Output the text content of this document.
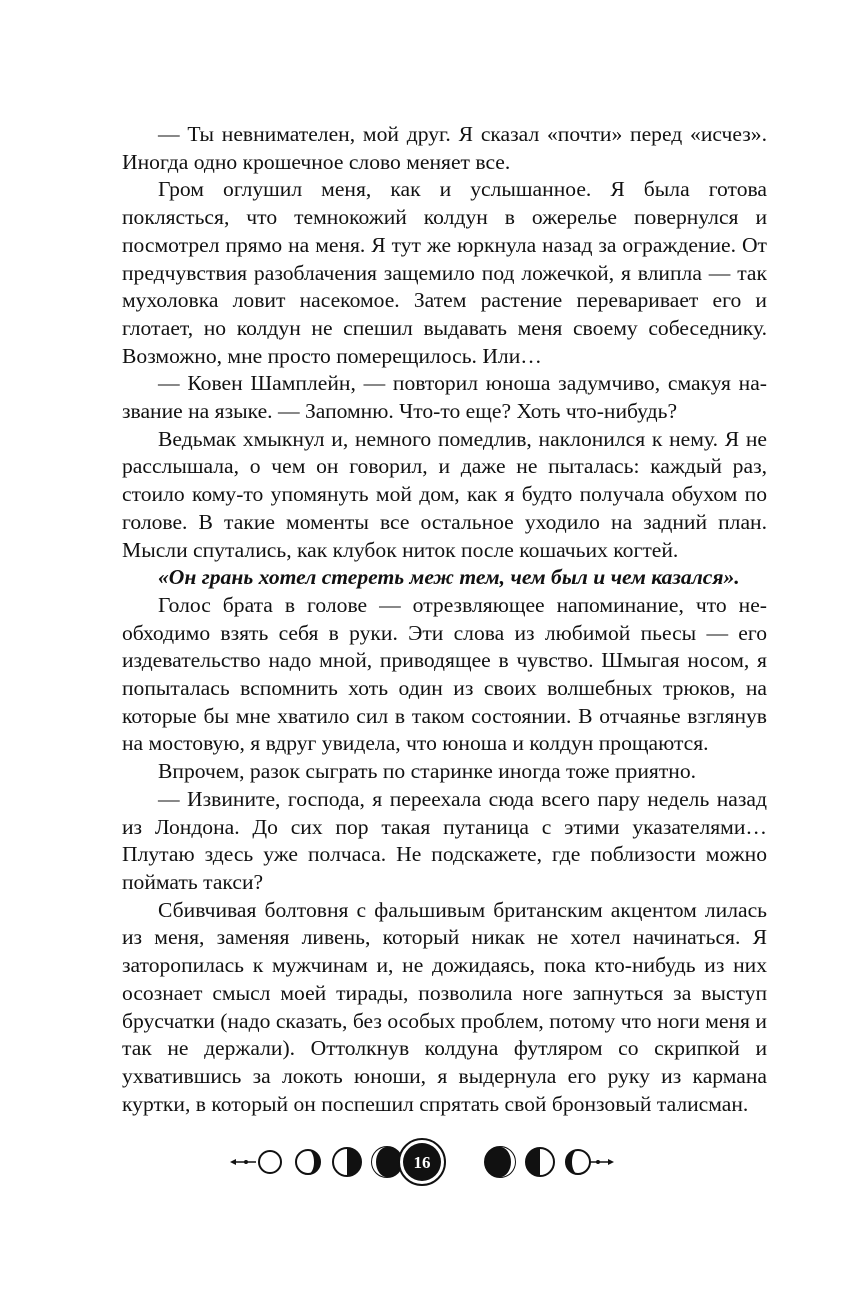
— Ты невнимателен, мой друг. Я сказал «почти» перед «исчез». Иногда одно крошечное слово меняет все.

Гром оглушил меня, как и услышанное. Я была готова поклясться, что темнокожий колдун в ожерелье повернулся и посмотрел прямо на меня. Я тут же юркнула назад за ограждение. От предчувствия разоблачения защемило под ложечкой, я влипла — так мухоловка ловит насекомое. Затем растение переваривает его и глотает, но колдун не спешил выдавать меня своему собеседнику. Возможно, мне просто померещилось. Или…

— Ковен Шамплейн, — повторил юноша задумчиво, смакуя название на языке. — Запомню. Что-то еще? Хоть что-нибудь?

Ведьмак хмыкнул и, немного помедлив, наклонился к нему. Я не расслышала, о чем он говорил, и даже не пыталась: каждый раз, стоило кому-то упомянуть мой дом, как я будто получала обухом по голове. В такие моменты все остальное уходило на задний план. Мысли спутались, как клубок ниток после кошачьих когтей.

«Он грань хотел стереть меж тем, чем был и чем казался».

Голос брата в голове — отрезвляющее напоминание, что необходимо взять себя в руки. Эти слова из любимой пьесы — его издевательство надо мной, приводящее в чувство. Шмыгая носом, я попыталась вспомнить хоть один из своих волшебных трюков, на которые бы мне хватило сил в таком состоянии. В отчаянье взглянув на мостовую, я вдруг увидела, что юноша и колдун прощаются.

Впрочем, разок сыграть по старинке иногда тоже приятно.

— Извините, господа, я переехала сюда всего пару недель назад из Лондона. До сих пор такая путаница с этими указателями… Плутаю здесь уже полчаса. Не подскажете, где поблизости можно поймать такси?

Сбивчивая болтовня с фальшивым британским акцентом лилась из меня, заменяя ливень, который никак не хотел начинаться. Я заторопилась к мужчинам и, не дожидаясь, пока кто-нибудь из них осознает смысл моей тирады, позволила ноге запнуться за выступ брусчатки (надо сказать, без особых проблем, потому что ноги меня и так не держали). Оттолкнув колдуна футляром со скрипкой и ухватившись за локоть юноши, я выдернула его руку из кармана куртки, в который он поспешил спрятать свой бронзовый талисман.

16
